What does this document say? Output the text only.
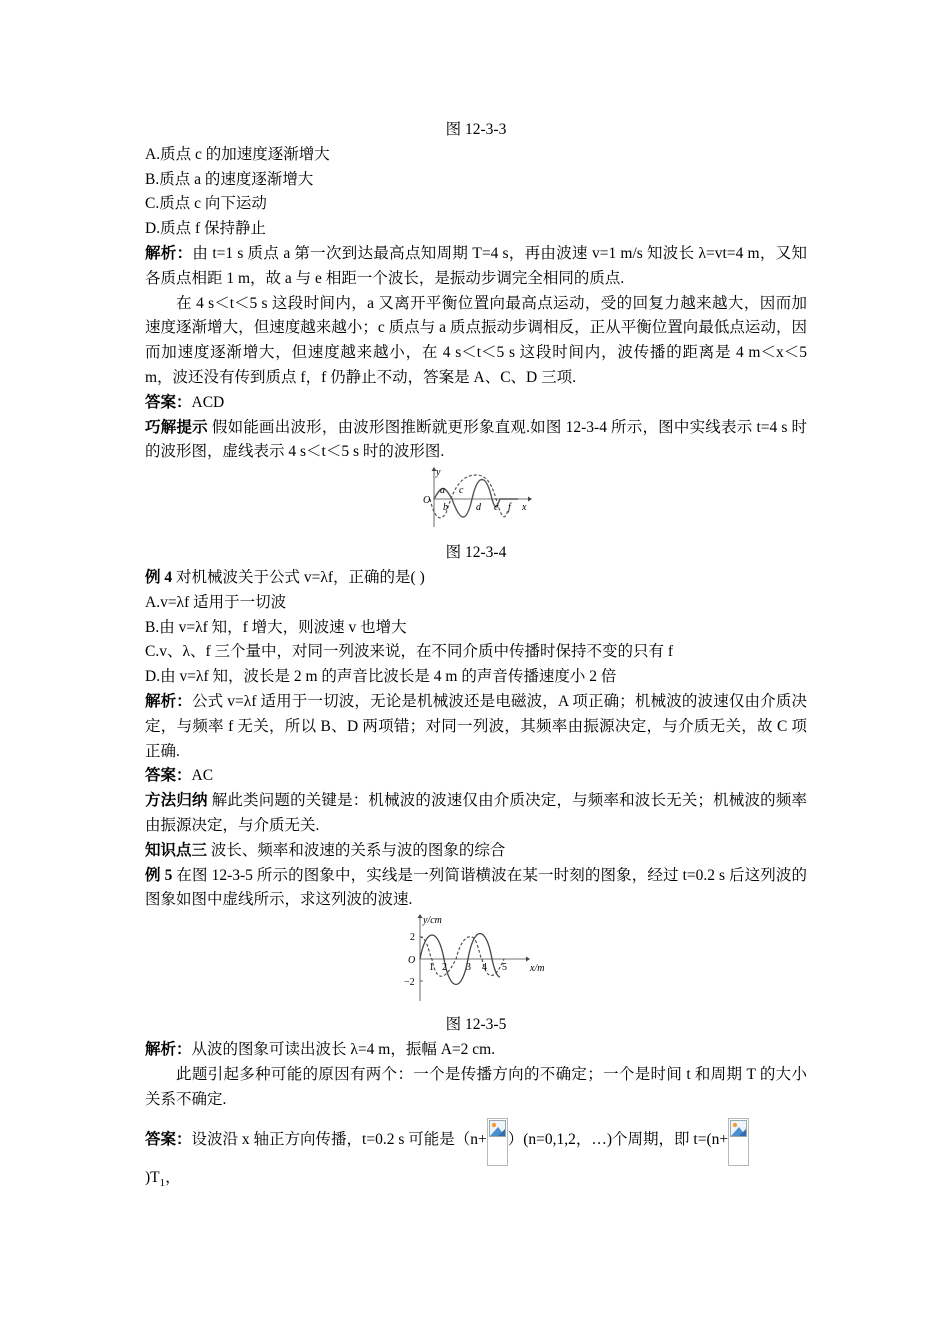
图 12-3-3
A.质点 c 的加速度逐渐增大
B.质点 a 的速度逐渐增大
C.质点 c 向下运动
D.质点 f 保持静止
解析：由 t=1 s 质点 a 第一次到达最高点知周期 T=4 s，再由波速 v=1 m/s 知波长 λ=vt=4 m，又知各质点相距 1 m，故 a 与 e 相距一个波长，是振动步调完全相同的质点.
在 4 s＜t＜5 s 这段时间内，a 又离开平衡位置向最高点运动，受的回复力越来越大，因而加速度逐渐增大，但速度越来越小；c 质点与 a 质点振动步调相反，正从平衡位置向最低点运动，因而加速度逐渐增大，但速度越来越小，在 4 s＜t＜5 s 这段时间内，波传播的距离是 4 m＜x＜5 m，波还没有传到质点 f，f 仍静止不动，答案是 A、C、D 三项.
答案：ACD
巧解提示 假如能画出波形，由波形图推断就更形象直观.如图 12-3-4 所示，图中实线表示 t=4 s 时的波形图，虚线表示 4 s＜t＜5 s 时的波形图.
y
x
O
a
b
c
d e f
图 12-3-4
例 4 对机械波关于公式 v=λf，正确的是( )
A.v=λf 适用于一切波
B.由 v=λf 知，f 增大，则波速 v 也增大
C.v、λ、f 三个量中，对同一列波来说，在不同介质中传播时保持不变的只有 f
D.由 v=λf 知，波长是 2 m 的声音比波长是 4 m 的声音传播速度小 2 倍
解析：公式 v=λf 适用于一切波，无论是机械波还是电磁波，A 项正确；机械波的波速仅由介质决定，与频率 f 无关，所以 B、D 两项错；对同一列波，其频率由振源决定，与介质无关，故 C 项正确.
答案：AC
方法归纳 解此类问题的关键是：机械波的波速仅由介质决定，与频率和波长无关；机械波的频率由振源决定，与介质无关.
知识点三 波长、频率和波速的关系与波的图象的综合
例 5 在图 12-3-5 所示的图象中，实线是一列简谐横波在某一时刻的图象，经过 t=0.2 s 后这列波的图象如图中虚线所示，求这列波的波速.
y/cm
x/m
O
2
−2
1 2 3 4 5
图 12-3-5
解析：从波的图象可读出波长 λ=4 m，振幅 A=2 cm.
此题引起多种可能的原因有两个：一个是传播方向的不确定；一个是时间 t 和周期 T 的大小关系不确定.
答案：设波沿 x 轴正方向传播，t=0.2 s 可能是（n+ ）(n=0,1,2，…)个周期，即 t=(n+
)$T_1$，
